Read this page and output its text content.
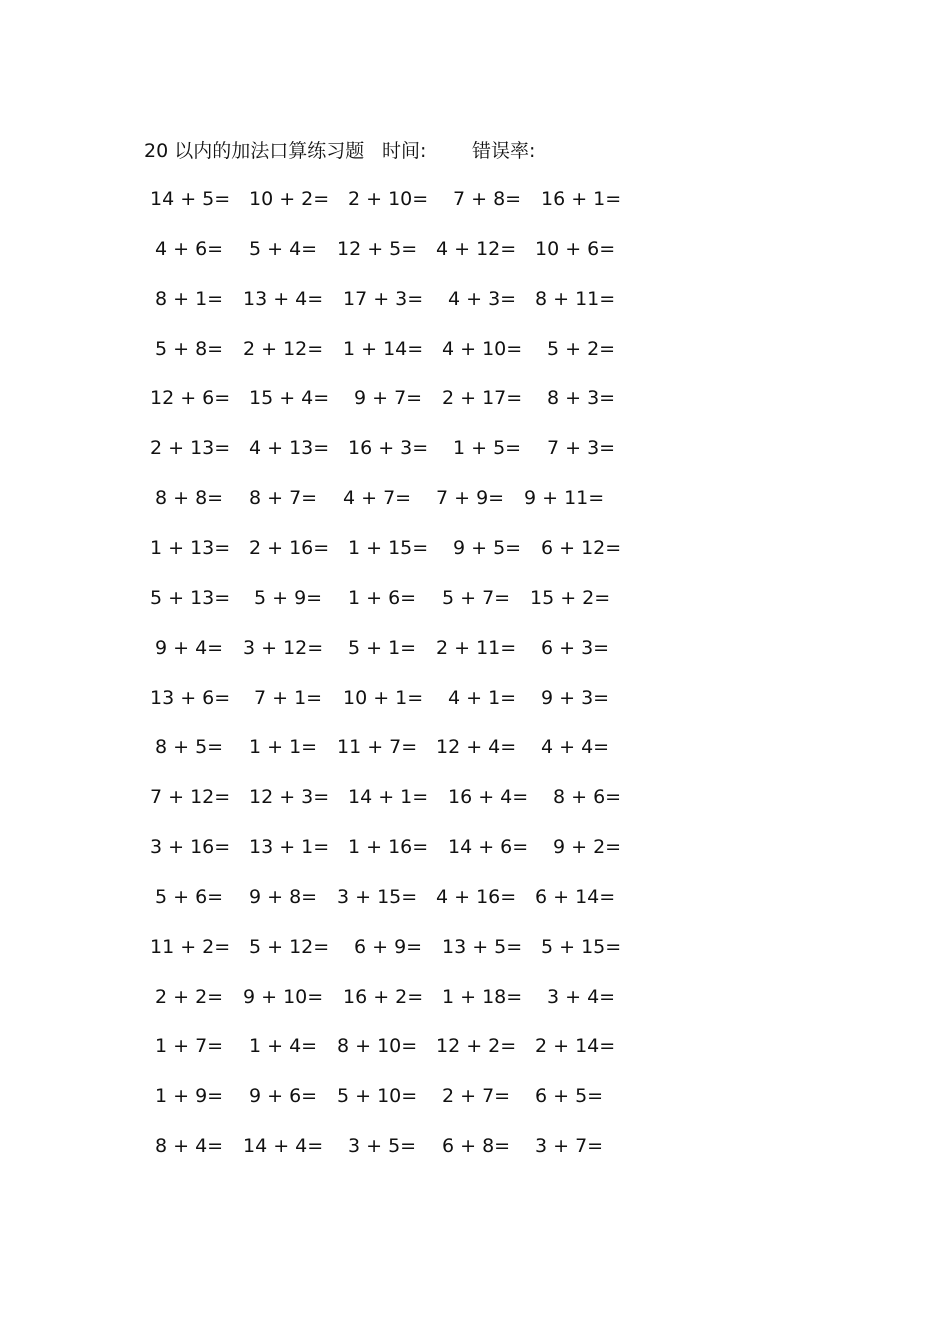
20 以内的加法口算练习题 时间: 错误率:
14 + 5= 10 + 2= 2 + 10= 7 + 8= 16 + 1=
4 + 6= 5 + 4= 12 + 5= 4 + 12= 10 + 6=
8 + 1= 13 + 4= 17 + 3= 4 + 3= 8 + 11=
5 + 8= 2 + 12= 1 + 14= 4 + 10= 5 + 2=
12 + 6= 15 + 4= 9 + 7= 2 + 17= 8 + 3=
2 + 13= 4 + 13= 16 + 3= 1 + 5= 7 + 3=
8 + 8= 8 + 7= 4 + 7= 7 + 9= 9 + 11=
1 + 13= 2 + 16= 1 + 15= 9 + 5= 6 + 12=
5 + 13= 5 + 9= 1 + 6= 5 + 7= 15 + 2=
9 + 4= 3 + 12= 5 + 1= 2 + 11= 6 + 3=
13 + 6= 7 + 1= 10 + 1= 4 + 1= 9 + 3=
8 + 5= 1 + 1= 11 + 7= 12 + 4= 4 + 4=
7 + 12= 12 + 3= 14 + 1= 16 + 4= 8 + 6=
3 + 16= 13 + 1= 1 + 16= 14 + 6= 9 + 2=
5 + 6= 9 + 8= 3 + 15= 4 + 16= 6 + 14=
11 + 2= 5 + 12= 6 + 9= 13 + 5= 5 + 15=
2 + 2= 9 + 10= 16 + 2= 1 + 18= 3 + 4=
1 + 7= 1 + 4= 8 + 10= 12 + 2= 2 + 14=
1 + 9= 9 + 6= 5 + 10= 2 + 7= 6 + 5=
8 + 4= 14 + 4= 3 + 5= 6 + 8= 3 + 7=
